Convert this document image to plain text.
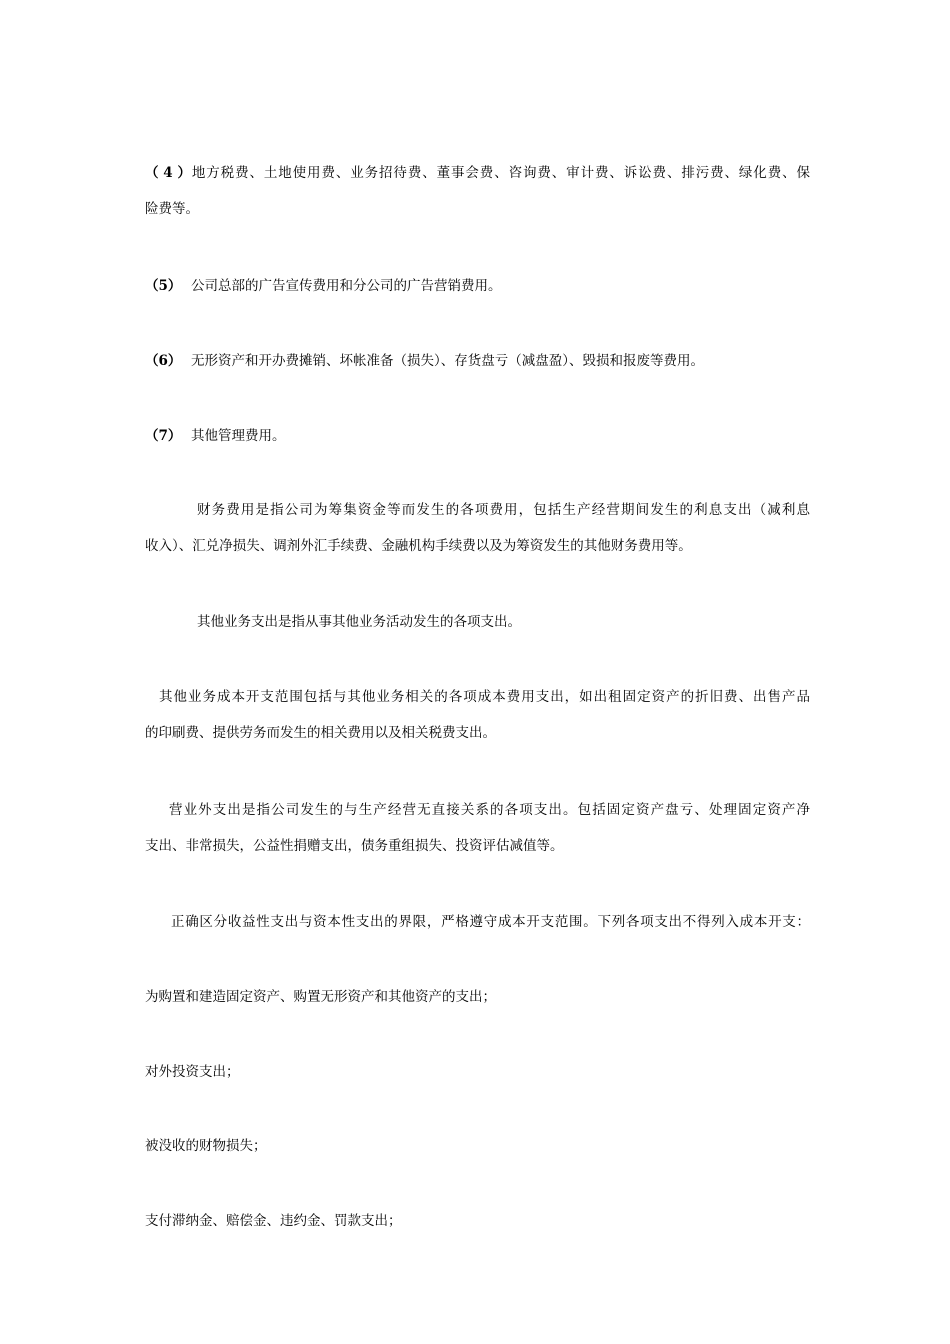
（4）地方税费、土地使用费、业务招待费、董事会费、咨询费、审计费、诉讼费、排污费、绿化费、保
险费等。
（5） 公司总部的广告宣传费用和分公司的广告营销费用。
（6） 无形资产和开办费摊销、坏帐准备（损失）、存货盘亏（减盘盈）、毁损和报废等费用。
（7） 其他管理费用。
财务费用是指公司为筹集资金等而发生的各项费用，包括生产经营期间发生的利息支出（减利息
收入）、汇兑净损失、调剂外汇手续费、金融机构手续费以及为筹资发生的其他财务费用等。
其他业务支出是指从事其他业务活动发生的各项支出。
其他业务成本开支范围包括与其他业务相关的各项成本费用支出，如出租固定资产的折旧费、出售产品
的印刷费、提供劳务而发生的相关费用以及相关税费支出。
营业外支出是指公司发生的与生产经营无直接关系的各项支出。包括固定资产盘亏、处理固定资产净
支出、非常损失，公益性捐赠支出，债务重组损失、投资评估减值等。
正确区分收益性支出与资本性支出的界限，严格遵守成本开支范围。下列各项支出不得列入成本开支：
为购置和建造固定资产、购置无形资产和其他资产的支出；
对外投资支出；
被没收的财物损失；
支付滞纳金、赔偿金、违约金、罚款支出；
